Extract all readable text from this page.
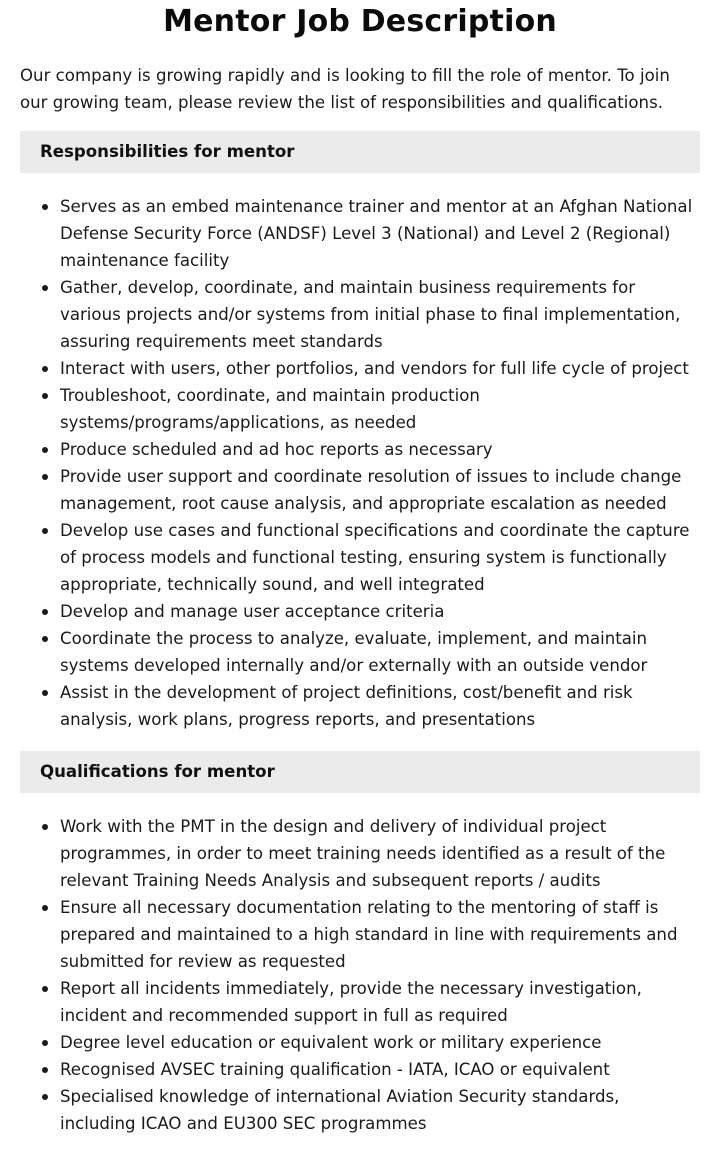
Mentor Job Description

Our company is growing rapidly and is looking to fill the role of mentor. To join our growing team, please review the list of responsibilities and qualifications.

Responsibilities for mentor
Serves as an embed maintenance trainer and mentor at an Afghan National Defense Security Force (ANDSF) Level 3 (National) and Level 2 (Regional) maintenance facility
Gather, develop, coordinate, and maintain business requirements for various projects and/or systems from initial phase to final implementation, assuring requirements meet standards
Interact with users, other portfolios, and vendors for full life cycle of project
Troubleshoot, coordinate, and maintain production systems/programs/applications, as needed
Produce scheduled and ad hoc reports as necessary
Provide user support and coordinate resolution of issues to include change management, root cause analysis, and appropriate escalation as needed
Develop use cases and functional specifications and coordinate the capture of process models and functional testing, ensuring system is functionally appropriate, technically sound, and well integrated
Develop and manage user acceptance criteria
Coordinate the process to analyze, evaluate, implement, and maintain systems developed internally and/or externally with an outside vendor
Assist in the development of project definitions, cost/benefit and risk analysis, work plans, progress reports, and presentations
Qualifications for mentor
Work with the PMT in the design and delivery of individual project programmes, in order to meet training needs identified as a result of the relevant Training Needs Analysis and subsequent reports / audits
Ensure all necessary documentation relating to the mentoring of staff is prepared and maintained to a high standard in line with requirements and submitted for review as requested
Report all incidents immediately, provide the necessary investigation, incident and recommended support in full as required
Degree level education or equivalent work or military experience
Recognised AVSEC training qualification - IATA, ICAO or equivalent
Specialised knowledge of international Aviation Security standards, including ICAO and EU300 SEC programmes
